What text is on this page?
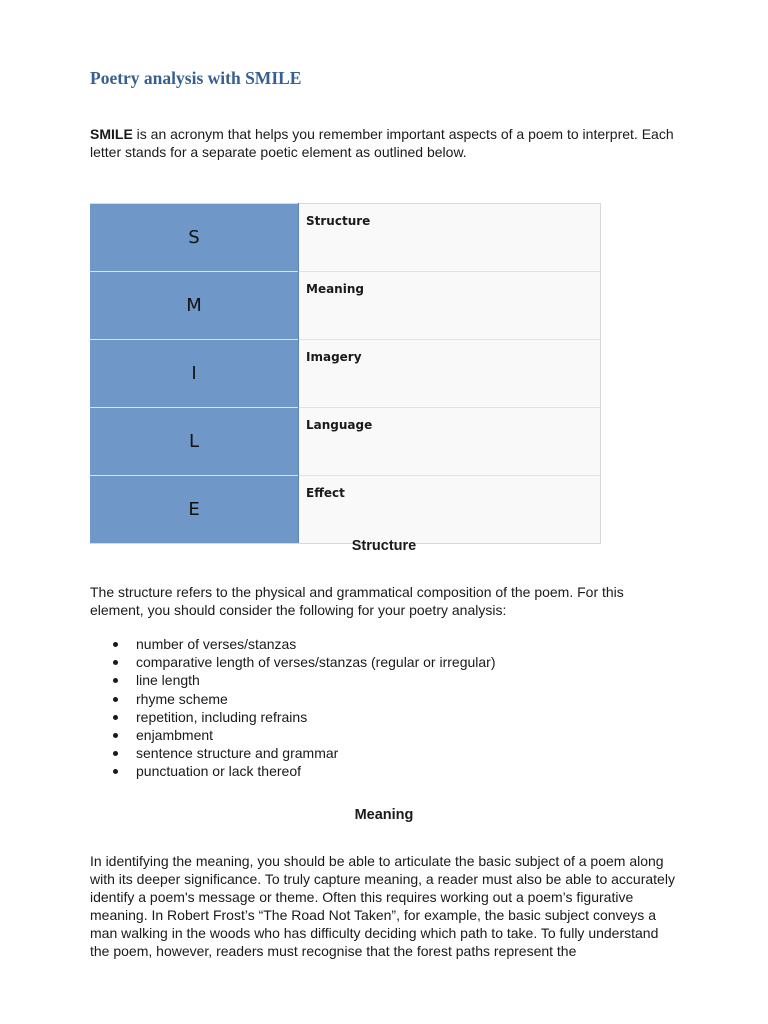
Poetry analysis with SMILE

SMILE is an acronym that helps you remember important aspects of a poem to interpret. Each letter stands for a separate poetic element as outlined below.

S	Structure
M	Meaning
I	Imagery
L	Language
E	Effect
Structure

The structure refers to the physical and grammatical composition of the poem. For this element, you should consider the following for your poetry analysis:

number of verses/stanzas
comparative length of verses/stanzas (regular or irregular)
line length
rhyme scheme
repetition, including refrains
enjambment
sentence structure and grammar
punctuation or lack thereof
Meaning

In identifying the meaning, you should be able to articulate the basic subject of a poem along with its deeper significance. To truly capture meaning, a reader must also be able to accurately identify a poem's message or theme. Often this requires working out a poem’s figurative meaning. In Robert Frost’s “The Road Not Taken”, for example, the basic subject conveys a man walking in the woods who has difficulty deciding which path to take. To fully understand the poem, however, readers must recognise that the forest paths represent the
